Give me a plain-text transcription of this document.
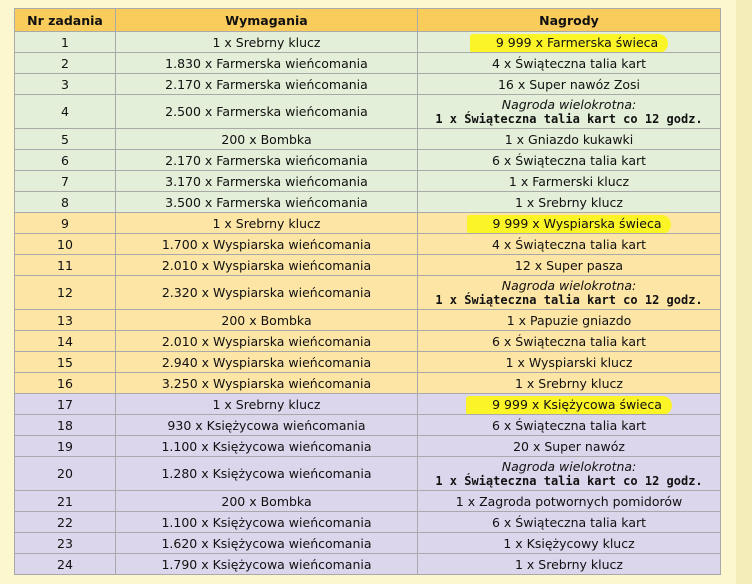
Nr zadania	Wymagania	Nagrody
1	1 x Srebrny klucz	9 999 x Farmerska świeca
2	1.830 x Farmerska wieńcomania	4 x Świąteczna talia kart
3	2.170 x Farmerska wieńcomania	16 x Super nawóz Zosi
4	2.500 x Farmerska wieńcomania	Nagroda wielokrotna:
1 x Świąteczna talia kart co 12 godz.

5	200 x Bombka	1 x Gniazdo kukawki
6	2.170 x Farmerska wieńcomania	6 x Świąteczna talia kart
7	3.170 x Farmerska wieńcomania	1 x Farmerski klucz
8	3.500 x Farmerska wieńcomania	1 x Srebrny klucz
9	1 x Srebrny klucz	9 999 x Wyspiarska świeca
10	1.700 x Wyspiarska wieńcomania	4 x Świąteczna talia kart
11	2.010 x Wyspiarska wieńcomania	12 x Super pasza
12	2.320 x Wyspiarska wieńcomania	Nagroda wielokrotna:
1 x Świąteczna talia kart co 12 godz.

13	200 x Bombka	1 x Papuzie gniazdo
14	2.010 x Wyspiarska wieńcomania	6 x Świąteczna talia kart
15	2.940 x Wyspiarska wieńcomania	1 x Wyspiarski klucz
16	3.250 x Wyspiarska wieńcomania	1 x Srebrny klucz
17	1 x Srebrny klucz	9 999 x Księżycowa świeca
18	930 x Księżycowa wieńcomania	6 x Świąteczna talia kart
19	1.100 x Księżycowa wieńcomania	20 x Super nawóz
20	1.280 x Księżycowa wieńcomania	Nagroda wielokrotna:
1 x Świąteczna talia kart co 12 godz.

21	200 x Bombka	1 x Zagroda potwornych pomidorów
22	1.100 x Księżycowa wieńcomania	6 x Świąteczna talia kart
23	1.620 x Księżycowa wieńcomania	1 x Księżycowy klucz
24	1.790 x Księżycowa wieńcomania	1 x Srebrny klucz
